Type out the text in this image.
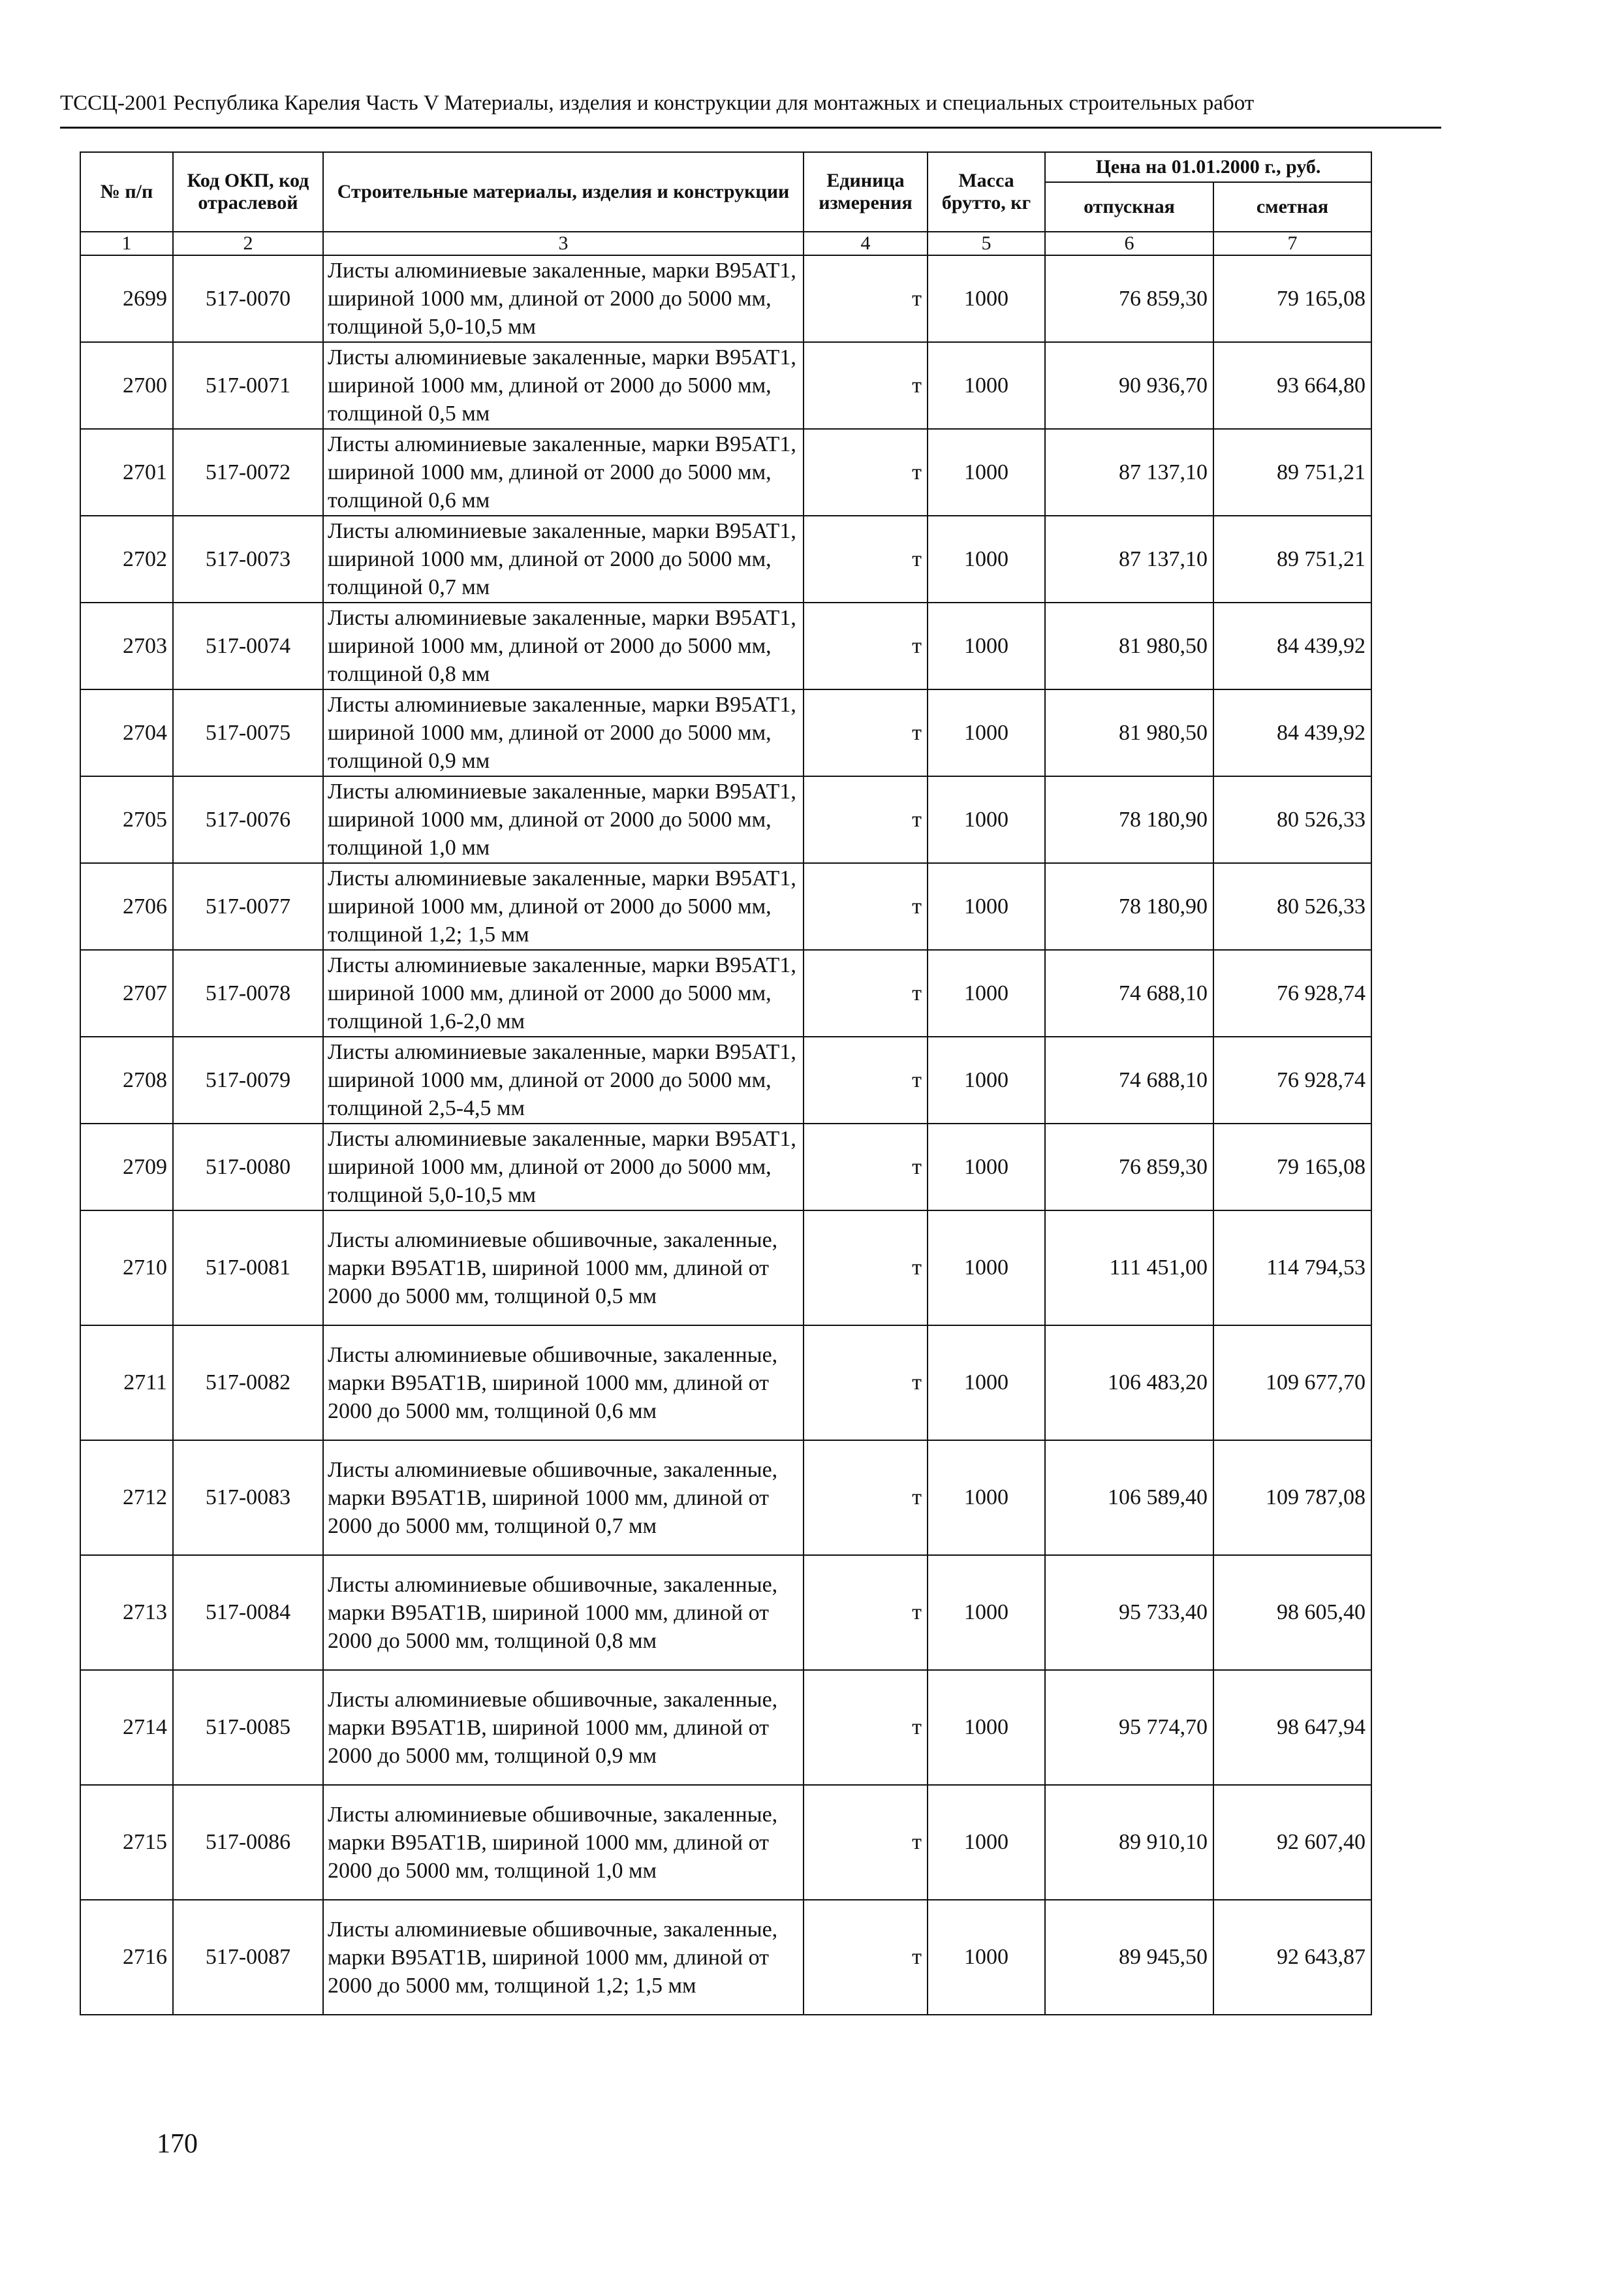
ТССЦ-2001 Республика Карелия Часть V Материалы, изделия и конструкции для монтажных и специальных строительных работ
№ п/п	Код ОКП, код отраслевой	Строительные материалы, изделия и конструкции	Единица измерения	Масса брутто, кг	Цена на 01.01.2000 г., руб.	
					отпускная	сметная
1	2	3	4	5	6	7
2699	517-0070	Листы алюминиевые закаленные, марки В95АТ1, шириной 1000 мм, длиной от 2000 до 5000 мм, толщиной 5,0-10,5 мм	т	1000	76 859,30	79 165,08
2700	517-0071	Листы алюминиевые закаленные, марки В95АТ1, шириной 1000 мм, длиной от 2000 до 5000 мм, толщиной 0,5 мм	т	1000	90 936,70	93 664,80
2701	517-0072	Листы алюминиевые закаленные, марки В95АТ1, шириной 1000 мм, длиной от 2000 до 5000 мм, толщиной 0,6 мм	т	1000	87 137,10	89 751,21
2702	517-0073	Листы алюминиевые закаленные, марки В95АТ1, шириной 1000 мм, длиной от 2000 до 5000 мм, толщиной 0,7 мм	т	1000	87 137,10	89 751,21
2703	517-0074	Листы алюминиевые закаленные, марки В95АТ1, шириной 1000 мм, длиной от 2000 до 5000 мм, толщиной 0,8 мм	т	1000	81 980,50	84 439,92
2704	517-0075	Листы алюминиевые закаленные, марки В95АТ1, шириной 1000 мм, длиной от 2000 до 5000 мм, толщиной 0,9 мм	т	1000	81 980,50	84 439,92
2705	517-0076	Листы алюминиевые закаленные, марки В95АТ1, шириной 1000 мм, длиной от 2000 до 5000 мм, толщиной 1,0 мм	т	1000	78 180,90	80 526,33
2706	517-0077	Листы алюминиевые закаленные, марки В95АТ1, шириной 1000 мм, длиной от 2000 до 5000 мм, толщиной 1,2; 1,5 мм	т	1000	78 180,90	80 526,33
2707	517-0078	Листы алюминиевые закаленные, марки В95АТ1, шириной 1000 мм, длиной от 2000 до 5000 мм, толщиной 1,6-2,0 мм	т	1000	74 688,10	76 928,74
2708	517-0079	Листы алюминиевые закаленные, марки В95АТ1, шириной 1000 мм, длиной от 2000 до 5000 мм, толщиной 2,5-4,5 мм	т	1000	74 688,10	76 928,74
2709	517-0080	Листы алюминиевые закаленные, марки В95АТ1, шириной 1000 мм, длиной от 2000 до 5000 мм, толщиной 5,0-10,5 мм	т	1000	76 859,30	79 165,08
2710	517-0081	Листы алюминиевые обшивочные, закаленные, марки В95АТ1В, шириной 1000 мм, длиной от 2000 до 5000 мм, толщиной 0,5 мм	т	1000	111 451,00	114 794,53
2711	517-0082	Листы алюминиевые обшивочные, закаленные, марки В95АТ1В, шириной 1000 мм, длиной от 2000 до 5000 мм, толщиной 0,6 мм	т	1000	106 483,20	109 677,70
2712	517-0083	Листы алюминиевые обшивочные, закаленные, марки В95АТ1В, шириной 1000 мм, длиной от 2000 до 5000 мм, толщиной 0,7 мм	т	1000	106 589,40	109 787,08
2713	517-0084	Листы алюминиевые обшивочные, закаленные, марки В95АТ1В, шириной 1000 мм, длиной от 2000 до 5000 мм, толщиной 0,8 мм	т	1000	95 733,40	98 605,40
2714	517-0085	Листы алюминиевые обшивочные, закаленные, марки В95АТ1В, шириной 1000 мм, длиной от 2000 до 5000 мм, толщиной 0,9 мм	т	1000	95 774,70	98 647,94
2715	517-0086	Листы алюминиевые обшивочные, закаленные, марки В95АТ1В, шириной 1000 мм, длиной от 2000 до 5000 мм, толщиной 1,0 мм	т	1000	89 910,10	92 607,40
2716	517-0087	Листы алюминиевые обшивочные, закаленные, марки В95АТ1В, шириной 1000 мм, длиной от 2000 до 5000 мм, толщиной 1,2; 1,5 мм	т	1000	89 945,50	92 643,87
170
